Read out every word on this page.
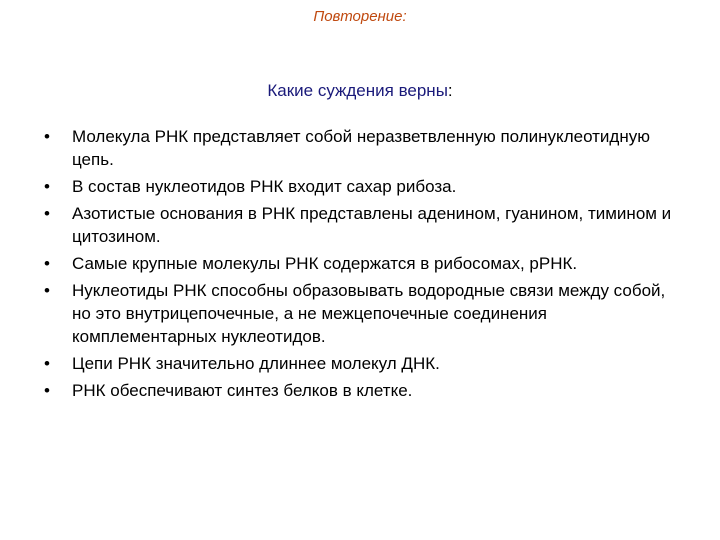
Повторение:
Какие суждения верны:
•	Молекула РНК представляет собой неразветвленную полинуклеотидную цепь.
•	В состав нуклеотидов РНК входит сахар рибоза.
•	Азотистые основания в РНК представлены аденином, гуанином, тимином и цитозином.
•	Самые крупные молекулы РНК содержатся в рибосомах, рРНК.
•	Нуклеотиды РНК способны образовывать водородные связи между собой, но это внутрицепочечные, а не межцепочечные соединения комплементарных нуклеотидов.
•	Цепи РНК значительно длиннее молекул ДНК.
•	РНК обеспечивают синтез белков в клетке.
